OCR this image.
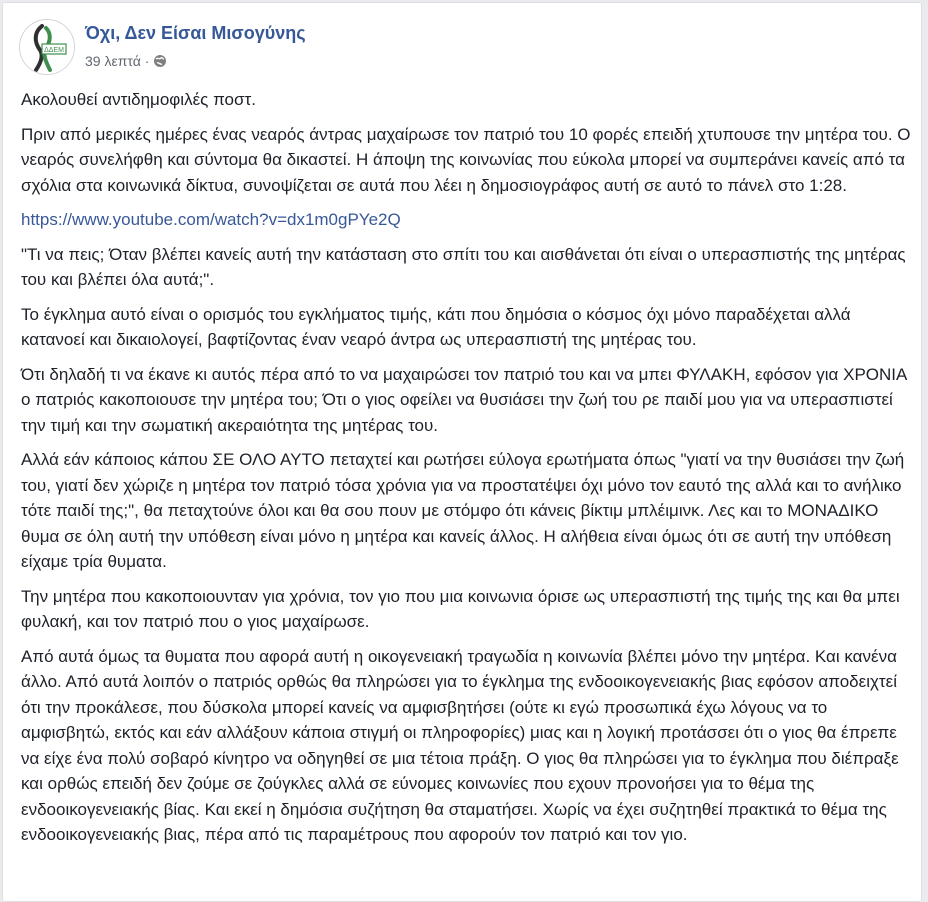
ΔΔΕΜ
Όχι, Δεν Είσαι Μισογύνης
39 λεπτά ·

Ακολουθεί αντιδημοφιλές ποστ.

Πριν από μερικές ημέρες ένας νεαρός άντρας μαχαίρωσε τον πατριό του 10 φορές επειδή χτυπουσε την μητέρα του. Ο νεαρός συνελήφθη και σύντομα θα δικαστεί. Η άποψη της κοινωνίας που εύκολα μπορεί να συμπεράνει κανείς από τα σχόλια στα κοινωνικά δίκτυα, συνοψίζεται σε αυτά που λέει η δημοσιογράφος αυτή σε αυτό το πάνελ στο 1:28.

https://www.youtube.com/watch?v=dx1m0gPYe2Q

"Τι να πεις; Όταν βλέπει κανείς αυτή την κατάσταση στο σπίτι του και αισθάνεται ότι είναι ο υπερασπιστής της μητέρας του και βλέπει όλα αυτά;".

Το έγκλημα αυτό είναι ο ορισμός του εγκλήματος τιμής, κάτι που δημόσια ο κόσμος όχι μόνο παραδέχεται αλλά κατανοεί και δικαιολογεί, βαφτίζοντας έναν νεαρό άντρα ως υπερασπιστή της μητέρας του.

Ότι δηλαδή τι να έκανε κι αυτός πέρα από το να μαχαιρώσει τον πατριό του και να μπει ΦΥΛΑΚΗ, εφόσον για ΧΡΟΝΙΑ ο πατριός κακοποιουσε την μητέρα του; Ότι ο γιος οφείλει να θυσιάσει την ζωή του ρε παιδί μου για να υπερασπιστεί την τιμή και την σωματική ακεραιότητα της μητέρας του.

Αλλά εάν κάποιος κάπου ΣΕ ΟΛΟ ΑΥΤΟ πεταχτεί και ρωτήσει εύλογα ερωτήματα όπως "γιατί να την θυσιάσει την ζωή του, γιατί δεν χώριζε η μητέρα τον πατριό τόσα χρόνια για να προστατέψει όχι μόνο τον εαυτό της αλλά και το ανήλικο τότε παιδί της;", θα πεταχτούνε όλοι και θα σου πουν με στόμφο ότι κάνεις βίκτιμ μπλέιμινκ. Λες και το ΜΟΝΑΔΙΚΟ θυμα σε όλη αυτή την υπόθεση είναι μόνο η μητέρα και κανείς άλλος. Η αλήθεια είναι όμως ότι σε αυτή την υπόθεση είχαμε τρία θυματα.

Την μητέρα που κακοποιουνταν για χρόνια, τον γιο που μια κοινωνια όρισε ως υπερασπιστή της τιμής της και θα μπει φυλακή, και τον πατριό που ο γιος μαχαίρωσε.

Από αυτά όμως τα θυματα που αφορά αυτή η οικογενειακή τραγωδία η κοινωνία βλέπει μόνο την μητέρα. Και κανένα άλλο. Από αυτά λοιπόν ο πατριός ορθώς θα πληρώσει για το έγκλημα της ενδοοικογενειακής βιας εφόσον αποδειχτεί ότι την προκάλεσε, που δύσκολα μπορεί κανείς να αμφισβητήσει (ούτε κι εγώ προσωπικά έχω λόγους να το αμφισβητώ, εκτός και εάν αλλάξουν κάποια στιγμή οι πληροφορίες) μιας και η λογική προτάσσει ότι ο γιος θα έπρεπε να είχε ένα πολύ σοβαρό κίνητρο να οδηγηθεί σε μια τέτοια πράξη. Ο γιος θα πληρώσει για το έγκλημα που διέπραξε και ορθώς επειδή δεν ζούμε σε ζούγκλες αλλά σε εύνομες κοινωνίες που εχουν προνοήσει για το θέμα της ενδοοικογενειακής βίας. Και εκεί η δημόσια συζήτηση θα σταματήσει. Χωρίς να έχει συζητηθεί πρακτικά το θέμα της ενδοοικογενειακής βιας, πέρα από τις παραμέτρους που αφορούν τον πατριό και τον γιο.
